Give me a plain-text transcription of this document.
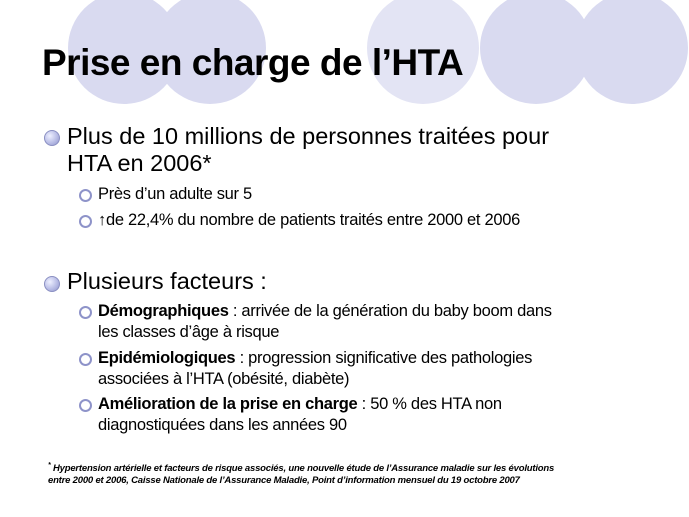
Prise en charge de l’HTA
Plus de 10 millions de personnes traitées pour
HTA en 2006*
Près d’un adulte sur 5
↑de 22,4% du nombre de patients traités entre 2000 et 2006
Plusieurs facteurs :
Démographiques : arrivée de la génération du baby boom dans
les classes d’âge à risque
Epidémiologiques : progression significative des pathologies
associées à l’HTA (obésité, diabète)
Amélioration de la prise en charge : 50 % des HTA non
diagnostiquées dans les années 90
* Hypertension artérielle et facteurs de risque associés, une nouvelle étude de l’Assurance maladie sur les évolutions
entre 2000 et 2006, Caisse Nationale de l’Assurance Maladie, Point d’information mensuel du 19 octobre 2007
